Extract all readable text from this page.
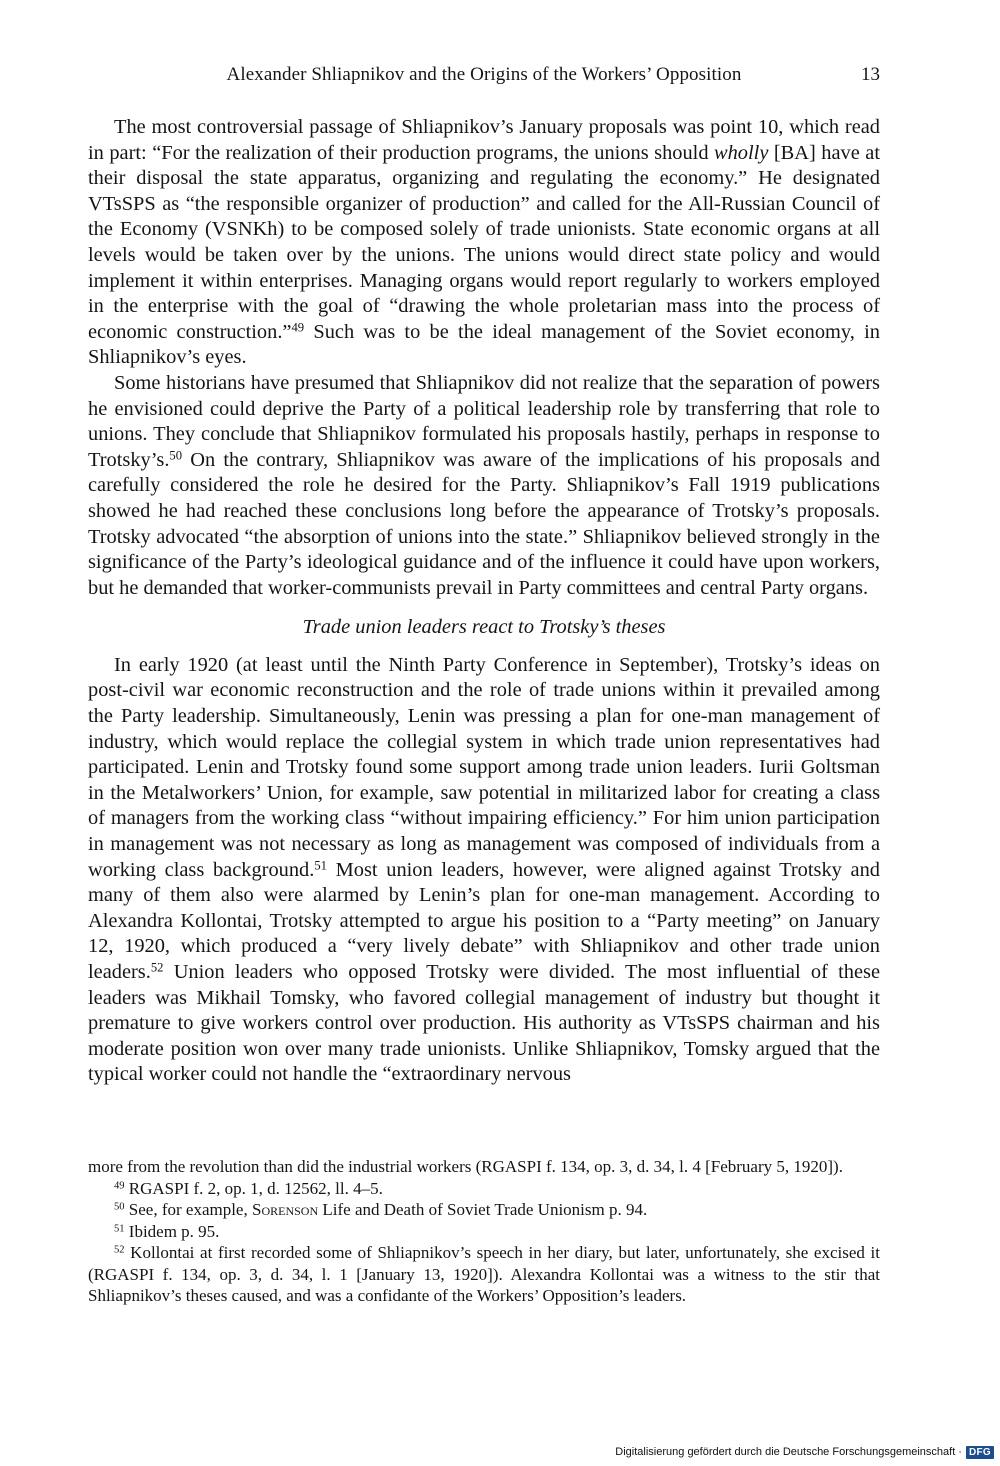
Alexander Shliapnikov and the Origins of the Workers’ Opposition	13

The most controversial passage of Shliapnikov’s January proposals was point 10, which read in part: “For the realization of their production programs, the unions should wholly [BA] have at their disposal the state apparatus, organizing and regulating the economy.” He designated VTsSPS as “the responsible organizer of production” and called for the All-Russian Council of the Economy (VSNKh) to be composed solely of trade unionists. State economic organs at all levels would be taken over by the unions. The unions would direct state policy and would implement it within enterprises. Managing organs would report regularly to workers employed in the enterprise with the goal of “drawing the whole proletarian mass into the process of economic construction.”$^{49}$ Such was to be the ideal management of the Soviet economy, in Shliapnikov’s eyes.

Some historians have presumed that Shliapnikov did not realize that the separation of powers he envisioned could deprive the Party of a political leadership role by transferring that role to unions. They conclude that Shliapnikov formulated his proposals hastily, perhaps in response to Trotsky’s.$^{50}$ On the contrary, Shliapnikov was aware of the implications of his proposals and carefully considered the role he desired for the Party. Shliapnikov’s Fall 1919 publications showed he had reached these conclusions long before the appearance of Trotsky’s proposals. Trotsky advocated “the absorption of unions into the state.” Shliapnikov believed strongly in the significance of the Party’s ideological guidance and of the influence it could have upon workers, but he demanded that worker-communists prevail in Party committees and central Party organs.

Trade union leaders react to Trotsky’s theses

In early 1920 (at least until the Ninth Party Conference in September), Trotsky’s ideas on post-civil war economic reconstruction and the role of trade unions within it prevailed among the Party leadership. Simultaneously, Lenin was pressing a plan for one-man management of industry, which would replace the collegial system in which trade union representatives had participated. Lenin and Trotsky found some support among trade union leaders. Iurii Goltsman in the Metalworkers’ Union, for example, saw potential in militarized labor for creating a class of managers from the working class “without impairing efficiency.” For him union participation in management was not necessary as long as management was composed of individuals from a working class background.$^{51}$ Most union leaders, however, were aligned against Trotsky and many of them also were alarmed by Lenin’s plan for one-man management. According to Alexandra Kollontai, Trotsky attempted to argue his position to a “Party meeting” on January 12, 1920, which produced a “very lively debate” with Shliapnikov and other trade union leaders.$^{52}$ Union leaders who opposed Trotsky were divided. The most influential of these leaders was Mikhail Tomsky, who favored collegial management of industry but thought it premature to give workers control over production. His authority as VTsSPS chairman and his moderate position won over many trade unionists. Unlike Shliapnikov, Tomsky argued that the typical worker could not handle the “extraordinary nervous

more from the revolution than did the industrial workers (RGASPI f. 134, op. 3, d. 34, l. 4 [February 5, 1920]).

$^{49}$ RGASPI f. 2, op. 1, d. 12562, ll. 4–5.

$^{50}$ See, for example, Sorenson Life and Death of Soviet Trade Unionism p. 94.

$^{51}$ Ibidem p. 95.

$^{52}$ Kollontai at first recorded some of Shliapnikov’s speech in her diary, but later, unfortunately, she excised it (RGASPI f. 134, op. 3, d. 34, l. 1 [January 13, 1920]). Alexandra Kollontai was a witness to the stir that Shliapnikov’s theses caused, and was a confidante of the Workers’ Opposition’s leaders.

Digitalisierung gefördert durch die Deutsche Forschungsgemeinschaft · DFG
